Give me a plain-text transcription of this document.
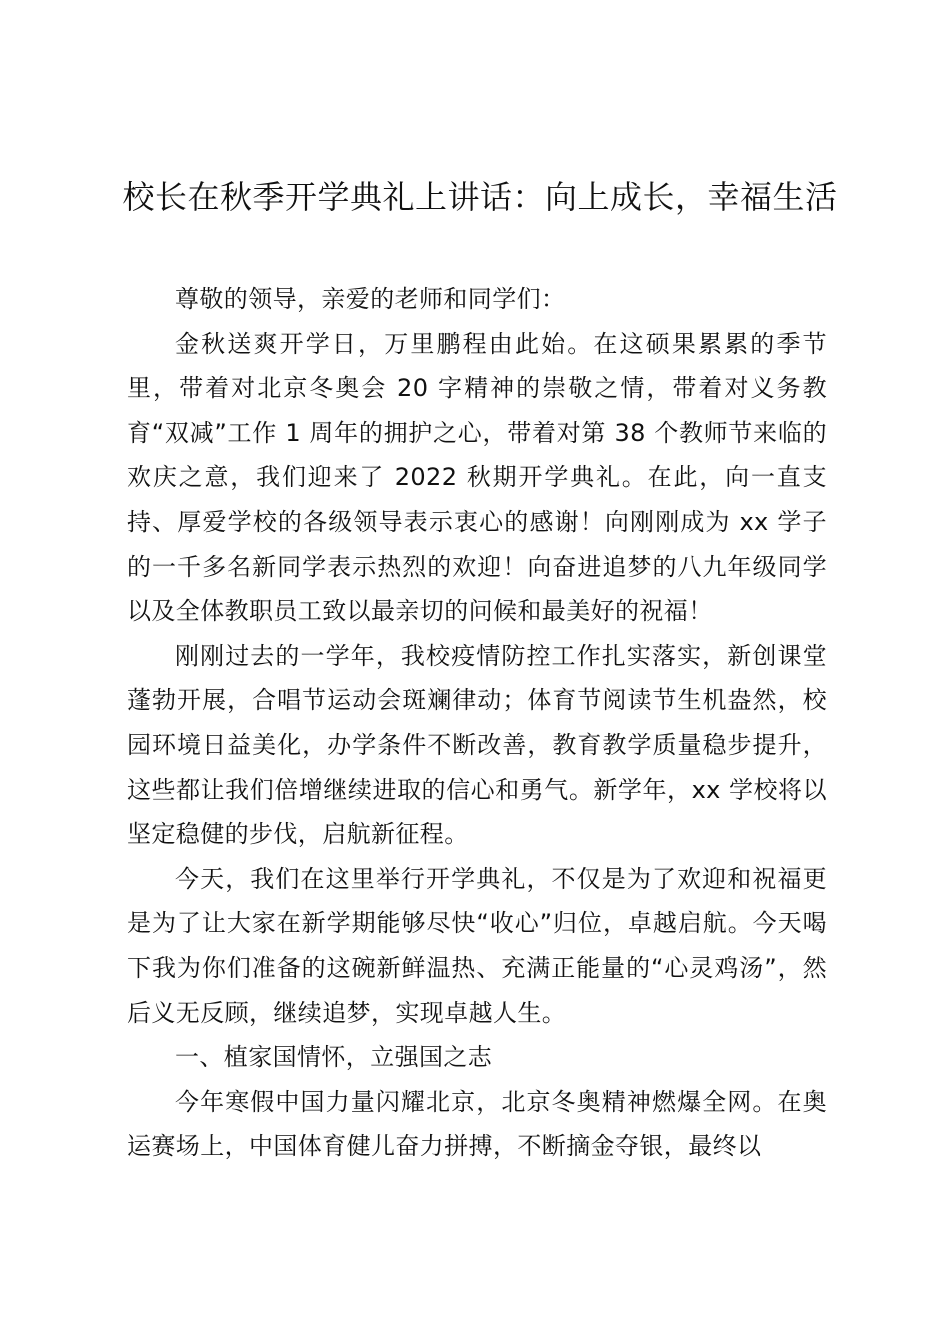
校长在秋季开学典礼上讲话：向上成长，幸福生活

尊敬的领导，亲爱的老师和同学们：

金秋送爽开学日，万里鹏程由此始。在这硕果累累的季节里，带着对北京冬奥会 20 字精神的崇敬之情，带着对义务教育“双减”工作 1 周年的拥护之心，带着对第 38 个教师节来临的欢庆之意，我们迎来了 2022 秋期开学典礼。在此，向一直支持、厚爱学校的各级领导表示衷心的感谢！向刚刚成为 xx 学子的一千多名新同学表示热烈的欢迎！向奋进追梦的八九年级同学以及全体教职员工致以最亲切的问候和最美好的祝福！

刚刚过去的一学年，我校疫情防控工作扎实落实，新创课堂蓬勃开展，合唱节运动会斑斓律动；体育节阅读节生机盎然，校园环境日益美化，办学条件不断改善，教育教学质量稳步提升，这些都让我们倍增继续进取的信心和勇气。新学年，xx 学校将以坚定稳健的步伐，启航新征程。

今天，我们在这里举行开学典礼，不仅是为了欢迎和祝福更是为了让大家在新学期能够尽快“收心”归位，卓越启航。今天喝下我为你们准备的这碗新鲜温热、充满正能量的“心灵鸡汤”，然后义无反顾，继续追梦，实现卓越人生。

一、植家国情怀，立强国之志

今年寒假中国力量闪耀北京，北京冬奥精神燃爆全网。在奥运赛场上，中国体育健儿奋力拼搏，不断摘金夺银，最终以
